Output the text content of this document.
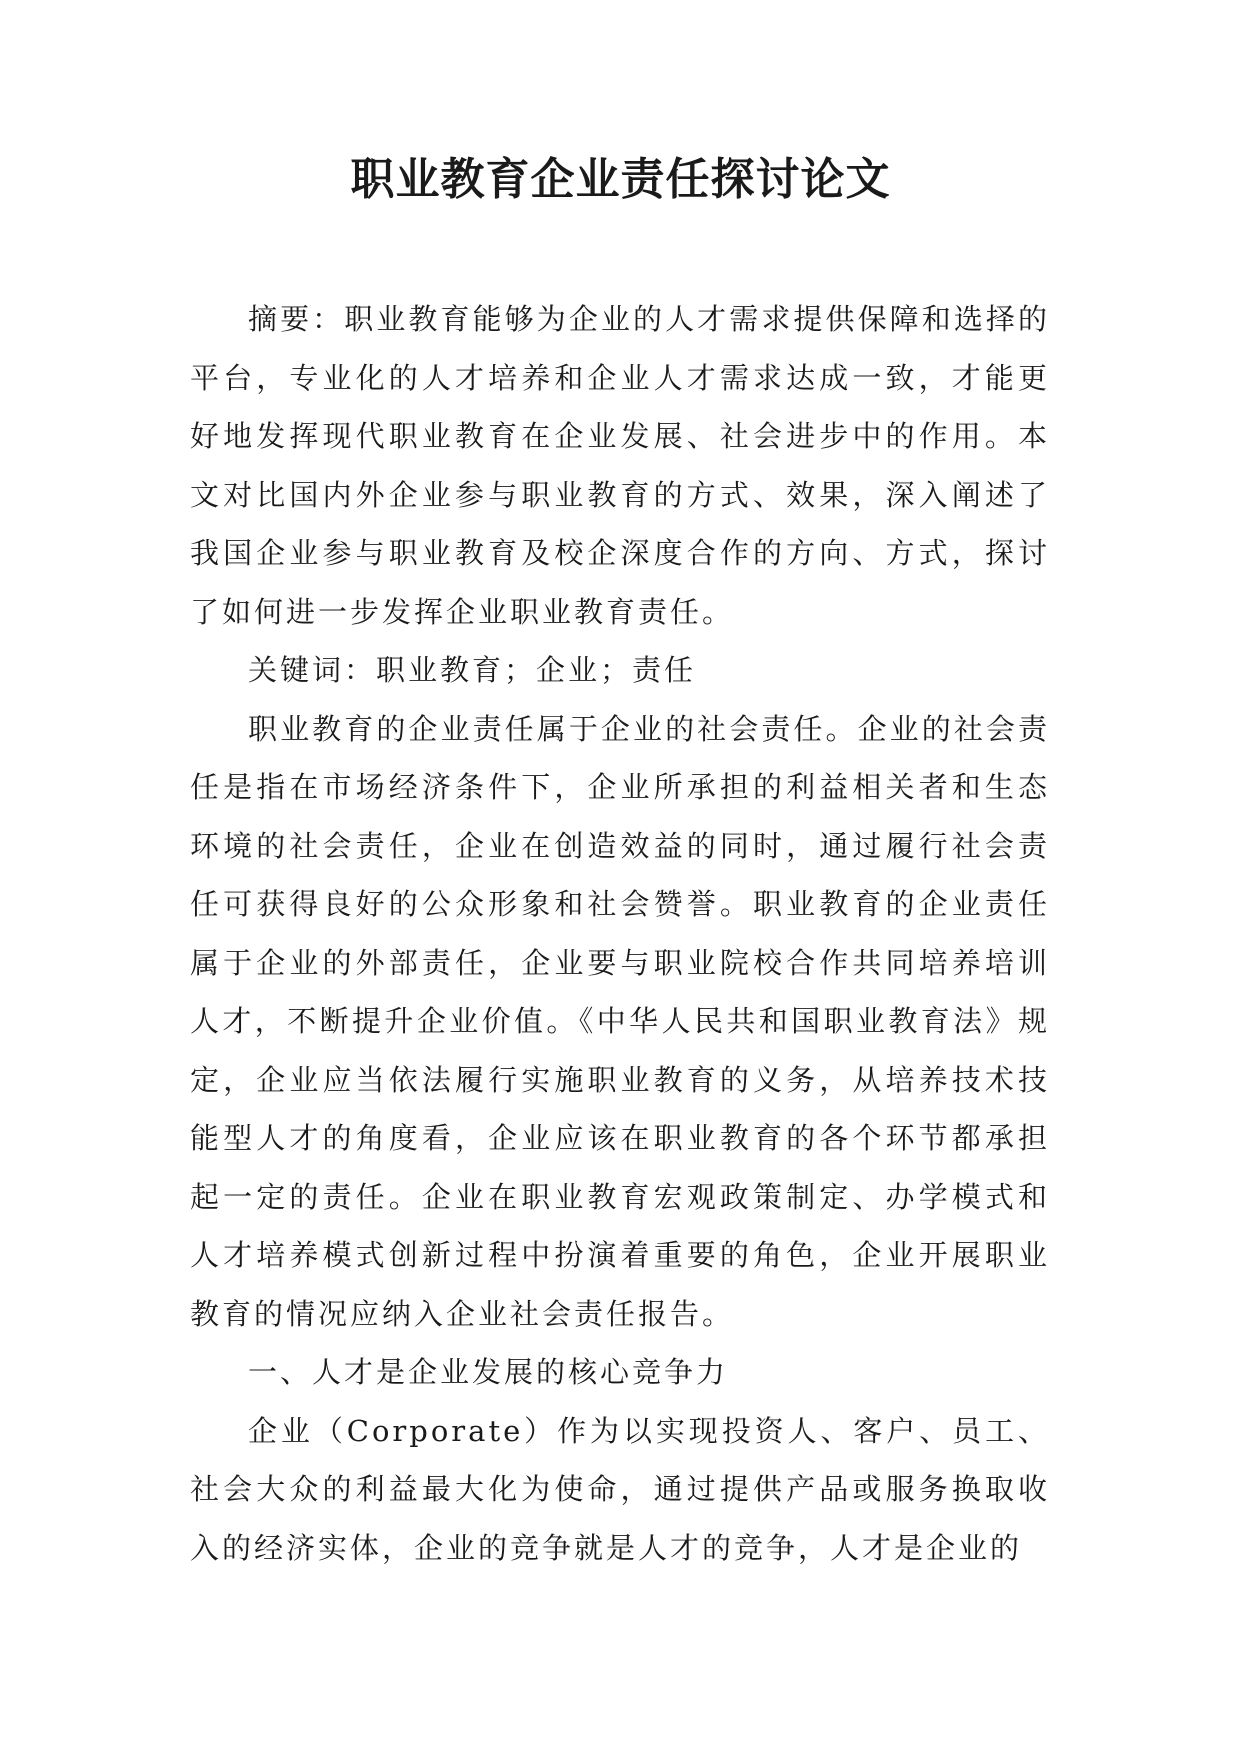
职业教育企业责任探讨论文

摘要：职业教育能够为企业的人才需求提供保障和选择的平台，专业化的人才培养和企业人才需求达成一致，才能更好地发挥现代职业教育在企业发展、社会进步中的作用。本文对比国内外企业参与职业教育的方式、效果，深入阐述了我国企业参与职业教育及校企深度合作的方向、方式，探讨了如何进一步发挥企业职业教育责任。

关键词：职业教育；企业；责任

职业教育的企业责任属于企业的社会责任。企业的社会责任是指在市场经济条件下，企业所承担的利益相关者和生态环境的社会责任，企业在创造效益的同时，通过履行社会责任可获得良好的公众形象和社会赞誉。职业教育的企业责任属于企业的外部责任，企业要与职业院校合作共同培养培训人才，不断提升企业价值。《中华人民共和国职业教育法》规定，企业应当依法履行实施职业教育的义务，从培养技术技能型人才的角度看，企业应该在职业教育的各个环节都承担起一定的责任。企业在职业教育宏观政策制定、办学模式和人才培养模式创新过程中扮演着重要的角色，企业开展职业教育的情况应纳入企业社会责任报告。

一、人才是企业发展的核心竞争力

企业（Corporate）作为以实现投资人、客户、员工、社会大众的利益最大化为使命，通过提供产品或服务换取收入的经济实体，企业的竞争就是人才的竞争，人才是企业的
